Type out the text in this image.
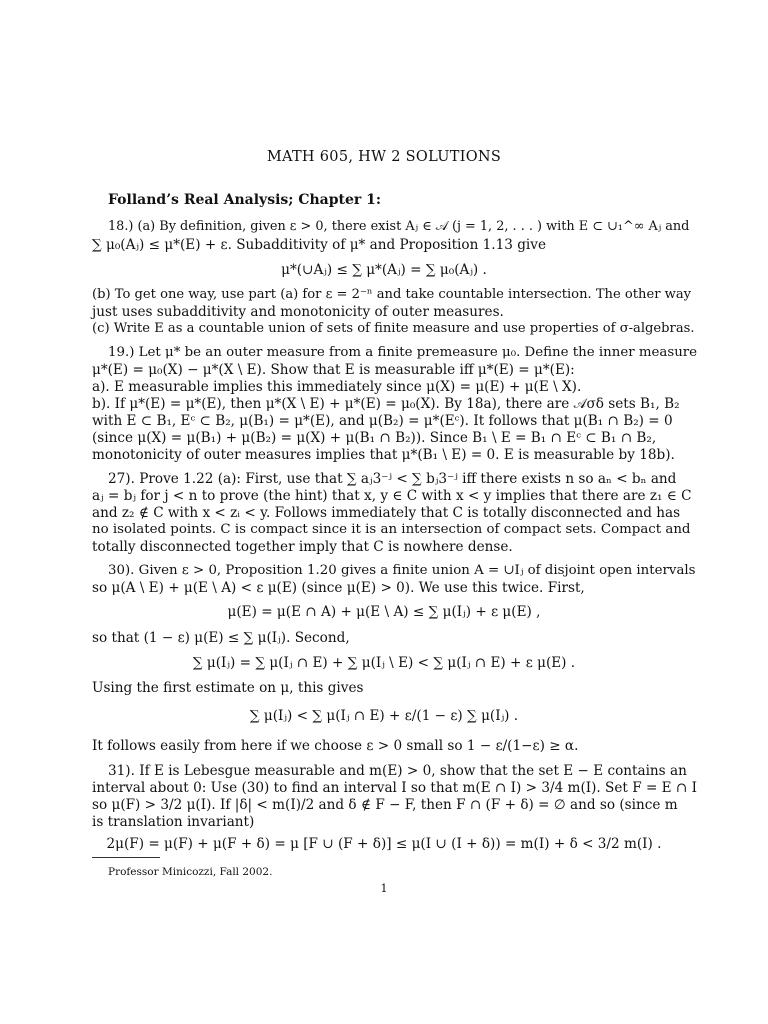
MATH 605, HW 2 SOLUTIONS
Folland’s Real Analysis; Chapter 1:
18.) (a) By definition, given ε > 0, there exist Aⱼ ∈ 𝒜 (j = 1, 2, . . . ) with E ⊂ ∪₁^∞ Aⱼ and
∑ μ₀(Aⱼ) ≤ μ*(E) + ε. Subadditivity of μ* and Proposition 1.13 give
μ*(∪Aⱼ) ≤ ∑ μ*(Aⱼ) = ∑ μ₀(Aⱼ) .
(b) To get one way, use part (a) for ε = 2⁻ⁿ and take countable intersection. The other way
just uses subadditivity and monotonicity of outer measures.
(c) Write E as a countable union of sets of finite measure and use properties of σ-algebras.
19.) Let μ* be an outer measure from a finite premeasure μ₀. Define the inner measure
μ*(E) = μ₀(X) − μ*(X \ E). Show that E is measurable iff μ*(E) = μ*(E):
a). E measurable implies this immediately since μ(X) = μ(E) + μ(E \ X).
b). If μ*(E) = μ*(E), then μ*(X \ E) + μ*(E) = μ₀(X). By 18a), there are 𝒜σδ sets B₁, B₂
with E ⊂ B₁, Eᶜ ⊂ B₂, μ(B₁) = μ*(E), and μ(B₂) = μ*(Eᶜ). It follows that μ(B₁ ∩ B₂) = 0
(since μ(X) = μ(B₁) + μ(B₂) = μ(X) + μ(B₁ ∩ B₂)). Since B₁ \ E = B₁ ∩ Eᶜ ⊂ B₁ ∩ B₂,
monotonicity of outer measures implies that μ*(B₁ \ E) = 0. E is measurable by 18b).
27). Prove 1.22 (a): First, use that ∑ aⱼ3⁻ʲ < ∑ bⱼ3⁻ʲ iff there exists n so aₙ < bₙ and
aⱼ = bⱼ for j < n to prove (the hint) that x, y ∈ C with x < y implies that there are z₁ ∈ C
and z₂ ∉ C with x < zᵢ < y. Follows immediately that C is totally disconnected and has
no isolated points. C is compact since it is an intersection of compact sets. Compact and
totally disconnected together imply that C is nowhere dense.
30). Given ε > 0, Proposition 1.20 gives a finite union A = ∪Iⱼ of disjoint open intervals
so μ(A \ E) + μ(E \ A) < ε μ(E) (since μ(E) > 0). We use this twice. First,
μ(E) = μ(E ∩ A) + μ(E \ A) ≤ ∑ μ(Iⱼ) + ε μ(E) ,
so that (1 − ε) μ(E) ≤ ∑ μ(Iⱼ). Second,
∑ μ(Iⱼ) = ∑ μ(Iⱼ ∩ E) + ∑ μ(Iⱼ \ E) < ∑ μ(Iⱼ ∩ E) + ε μ(E) .
Using the first estimate on μ, this gives
∑ μ(Iⱼ) < ∑ μ(Iⱼ ∩ E) + ε/(1 − ε) ∑ μ(Iⱼ) .
It follows easily from here if we choose ε > 0 small so 1 − ε/(1−ε) ≥ α.
31). If E is Lebesgue measurable and m(E) > 0, show that the set E − E contains an
interval about 0: Use (30) to find an interval I so that m(E ∩ I) > 3/4 m(I). Set F = E ∩ I
so μ(F) > 3/2 μ(I). If |δ| < m(I)/2 and δ ∉ F − F, then F ∩ (F + δ) = ∅ and so (since m
is translation invariant)
2μ(F) = μ(F) + μ(F + δ) = μ [F ∪ (F + δ)] ≤ μ(I ∪ (I + δ)) = m(I) + δ < 3/2 m(I) .
Professor Minicozzi, Fall 2002.
1
